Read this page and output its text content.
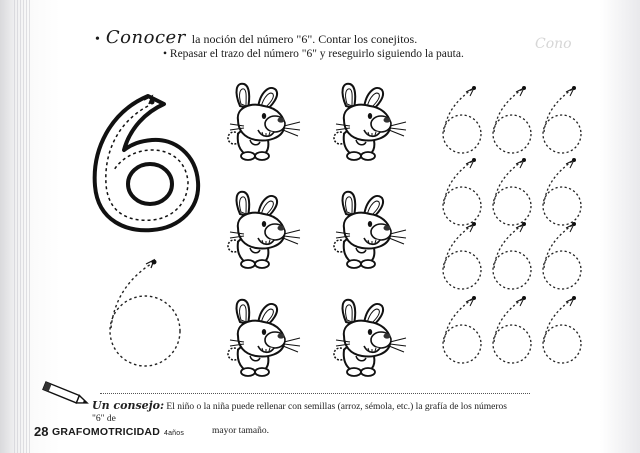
• Conocer la noción del número "6". Contar los conejitos.
• Repasar el trazo del número "6" y reseguirlo siguiendo la pauta.
Cono
Un consejo: El niño o la niña puede rellenar con semillas (arroz, sémola, etc.) la grafía de los números "6" de
mayor tamaño.
28 GRAFOMOTRICIDAD 4años
